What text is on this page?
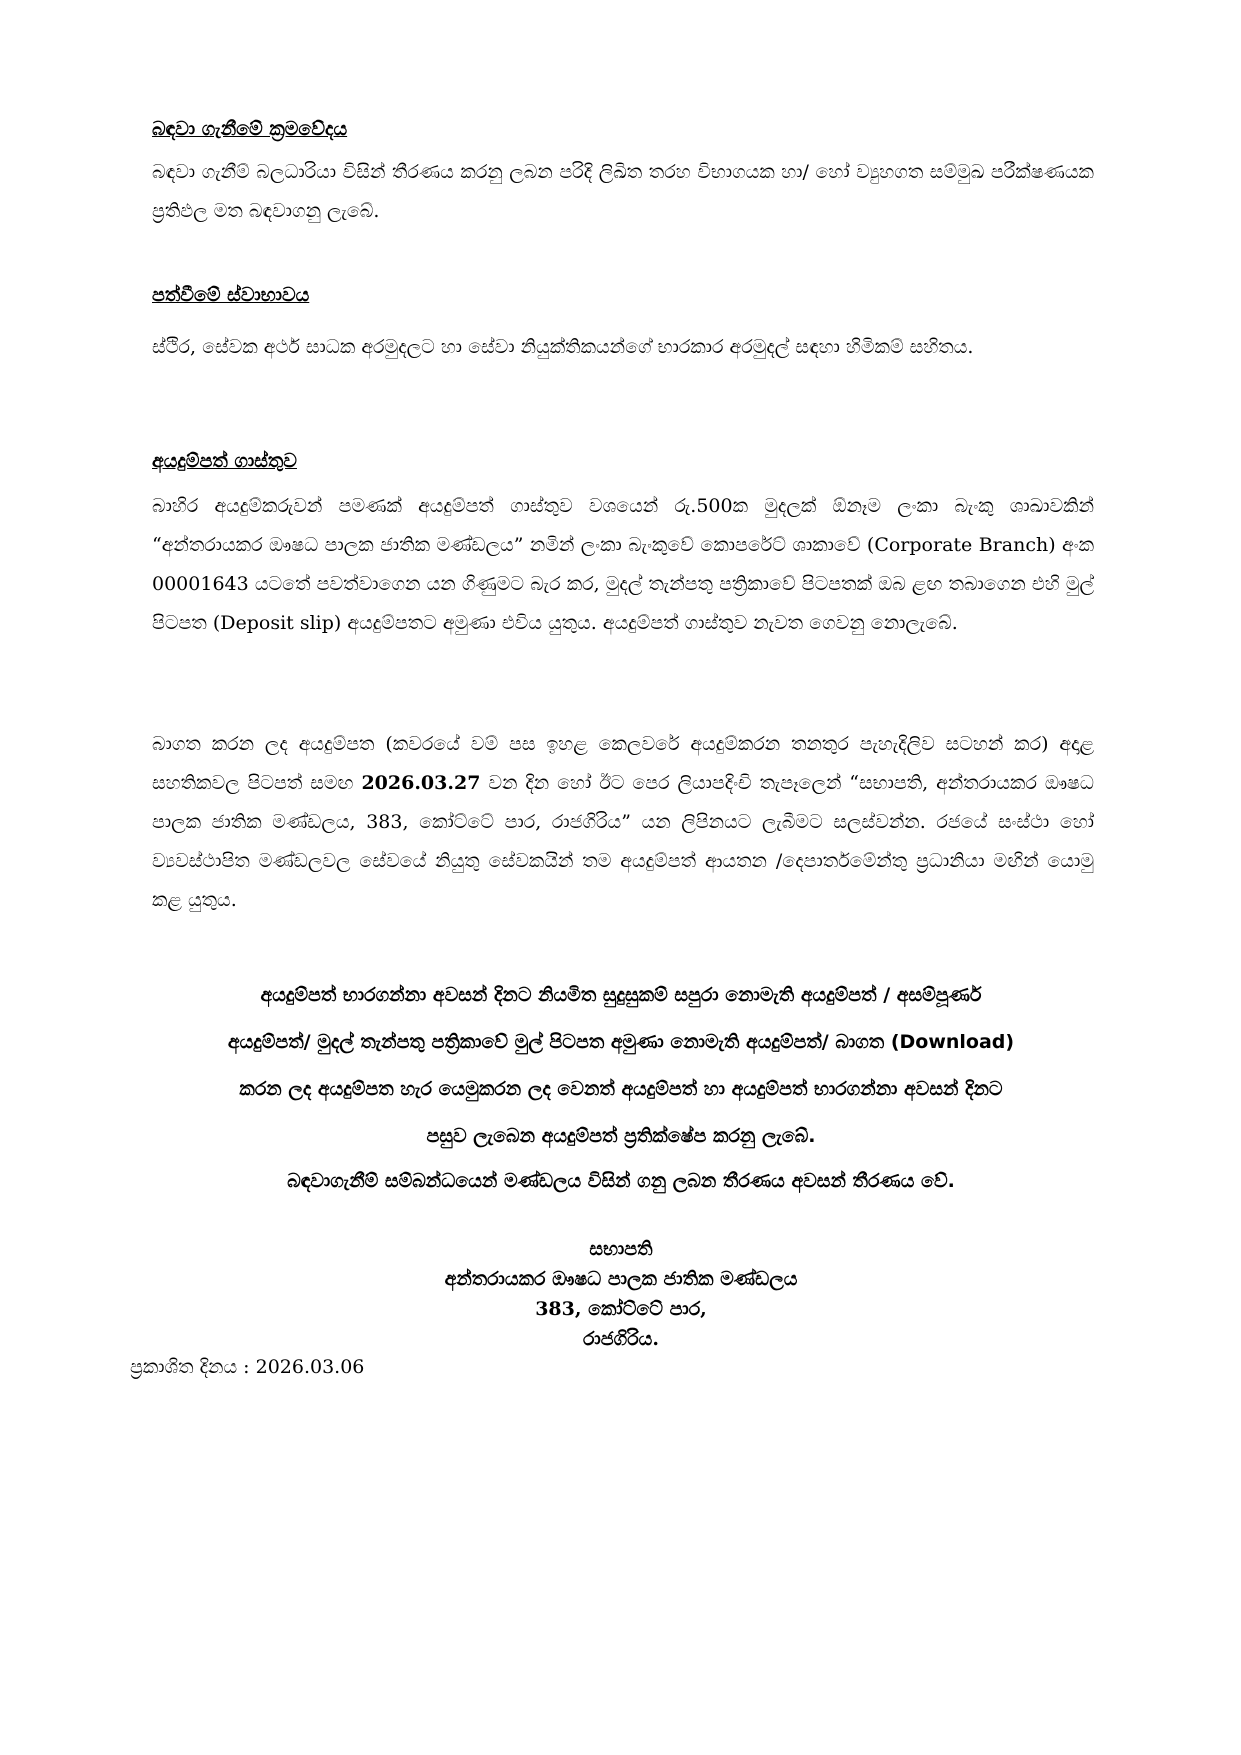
බඳවා ගැනීමේ ක්‍රමවේදය

බඳවා ගැනීම් බලධාරියා විසින් තීරණය කරනු ලබන පරිදි ලිඛිත තරහ විභාගයක හා/ හෝ ව්‍යුහගත සම්මුඛ පරීක්ෂණයක ප්‍රතිඵල මත බඳවාගනු ලැබේ.

පත්වීමේ ස්වාභාවය

ස්ථිර, සේවක අර්ථ සාධක අරමුදලට හා සේවා නියුක්තිකයන්ගේ භාරකාර අරමුදල් සඳහා හිමිකම් සහිතය.

අයදුම්පත් ගාස්තුව

බාහිර අයදුම්කරුවන් පමණක් අයදුම්පත් ගාස්තුව වශයෙන් රු.500ක මුදලක් ඕනෑම ලංකා බැංකු ශාඛාවකින් “අන්තරායකර ඖෂධ පාලක ජාතික මණ්ඩලය” නමින් ලංකා බැංකුවේ කොපරේට් ශාකාවේ (Corporate Branch) අංක 00001643 යටතේ පවත්වාගෙන යන ගිණුමට බැර කර, මුදල් තැන්පතු පත්‍රිකාවේ පිටපතක් ඔබ ළඟ තබාගෙන එහි මුල් පිටපත (Deposit slip) අයදුම්පතට අමුණා එවිය යුතුය. අයදුම්පත් ගාස්තුව නැවත ගෙවනු නොලැබේ.

බාගත කරන ලද අයදුම්පත (කවරයේ වම් පස ඉහළ කෙලවරේ අයදුම්කරන තනතුර පැහැදිලිව සටහන් කර) අදාළ සහතිකවල පිටපත් සමඟ 2026.03.27 වන දින හෝ ඊට පෙර ලියාපදිංචි තැපෑලෙන් “සභාපති, අන්තරායකර ඖෂධ පාලක ජාතික මණ්ඩලය, 383, කෝට්ටේ පාර, රාජගිරිය” යන ලිපිනයට ලැබීමට සලස්වන්න. රජයේ සංස්ථා හෝ ව්‍යවස්ථාපිත මණ්ඩලවල සේවයේ නියුතු සේවකයින් තම අයදුම්පත් ආයතන /දෙපාර්තමේන්තු ප්‍රධානියා මඟින් යොමු කළ යුතුය.

අයදුම්පත් භාරගන්නා අවසන් දිනට නියමිත සුදුසුකම් සපුරා නොමැති අයදුම්පත් / අසම්පූර්ණ
අයදුම්පත්/ මුදල් තැන්පතු පත්‍රිකාවේ මුල් පිටපත අමුණා නොමැති අයදුම්පත්/ බාගත (Download)
කරන ලද අයදුම්පත හැර යෙමුකරන ලද වෙනත් අයදුම්පත් හා අයදුම්පත් භාරගන්නා අවසන් දිනට
පසුව ලැබෙන අයදුම්පත් ප්‍රතික්ෂේප කරනු ලැබේ.
බඳවාගැනීම් සම්බන්ධයෙන් මණ්ඩලය විසින් ගනු ලබන තීරණය අවසන් තීරණය වේ.
සභාපති
අන්තරායකර ඖෂධ පාලක ජාතික මණ්ඩලය
383, කෝට්ටේ පාර,
රාජගිරිය.
ප්‍රකාශිත දිනය : 2026.03.06
